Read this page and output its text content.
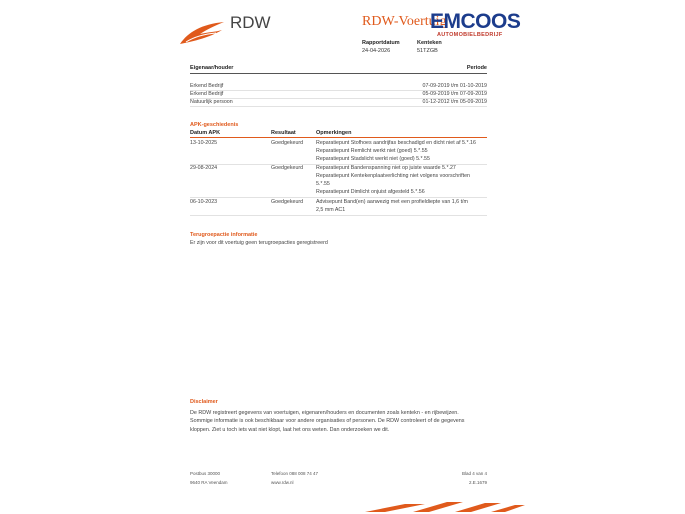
RDW	RDW-Voertuig
EMCOOS
AUTOMOBIELBEDRIJF
Rapportdatum
24-04-2026
Kenteken
51TZGB
Eigenaar/houder	Periode
Erkend Bedrijf	07-09-2019 t/m 01-10-2019
Erkend Bedrijf	05-09-2019 t/m 07-09-2019
Natuurlijk persoon	01-12-2012 t/m 05-09-2019
APK-geschiedenis
Datum APK	Resultaat	Opmerkingen
13-10-2025	Goedgekeurd Reparatiepunt Stofhoes aandrijfas beschadigd en dicht niet af 5.*.16
Reparatiepunt Remlicht werkt niet (goed) 5.*.55
Reparatiepunt Stadslicht werkt niet (goed) 5.*.55
29-08-2024	Goedgekeurd Reparatiepunt Bandenspanning niet op juiste waarde 5.*.27
Reparatiepunt Kentekenplaatverlichting niet volgens voorschriften
5.*.55
Reparatiepunt Dimlicht onjuist afgesteld 5.*.56
06-10-2023	Goedgekeurd Advisepunt Band(en) aanwezig met een profieldiepte van 1,6 t/m
2,5 mm AC1
Terugroepactie informatie
Er zijn voor dit voertuig geen terugroepacties geregistreerd
Disclaimer
De RDW registreert gegevens van voertuigen, eigenaren/houders en documenten zoals kentekn - en rijbewijzen.
Sommige informatie is ook beschikbaar voor andere organisaties of personen. De RDW controleert of de gegevens
kloppen. Ziet u toch iets wat niet klopt, laat het ons weten. Dan onderzoeken we dit.
Postbus 30000
9640 RA Veendam
Telefoon 088 008 74 47
www.rdw.nl
Blad 4 van 4
2.E.1679
